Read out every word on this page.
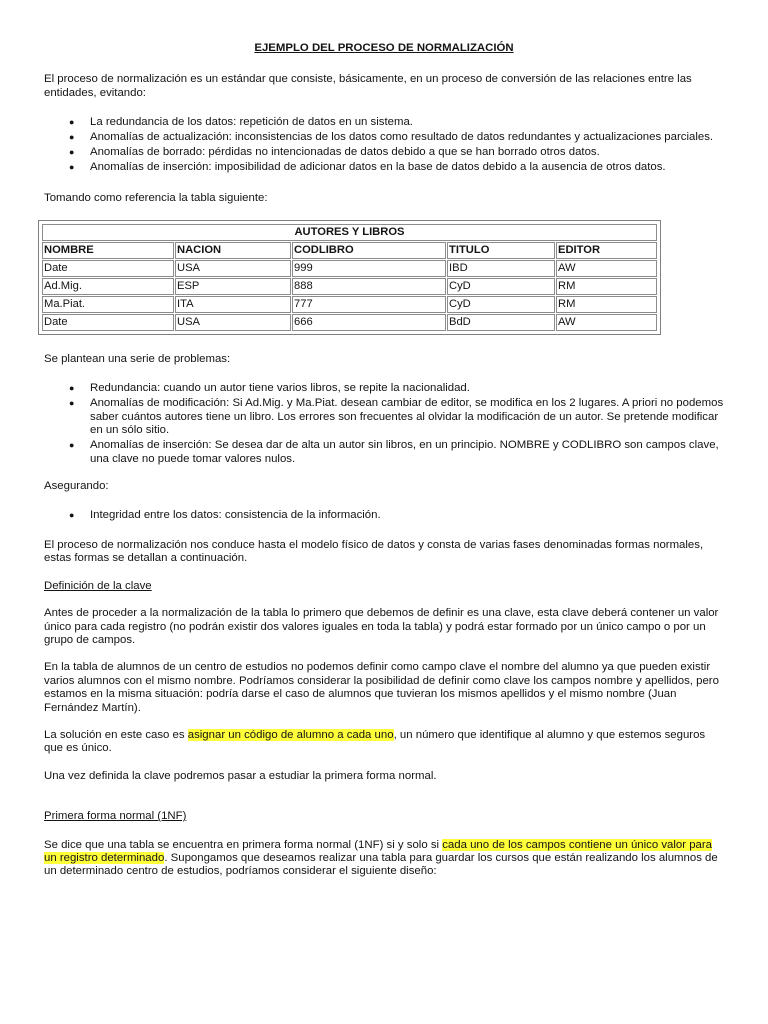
EJEMPLO DEL PROCESO DE NORMALIZACIÓN

El proceso de normalización es un estándar que consiste, básicamente, en un proceso de conversión de las relaciones entre las entidades, evitando:

● La redundancia de los datos: repetición de datos en un sistema.
● Anomalías de actualización: inconsistencias de los datos como resultado de datos redundantes y actualizaciones parciales.
● Anomalías de borrado: pérdidas no intencionadas de datos debido a que se han borrado otros datos.
● Anomalías de inserción: imposibilidad de adicionar datos en la base de datos debido a la ausencia de otros datos.

Tomando como referencia la tabla siguiente:

AUTORES Y LIBROS				
NOMBRE	NACION	CODLIBRO	TITULO	EDITOR
Date	USA	999	IBD	AW
Ad.Mig.	ESP	888	CyD	RM
Ma.Piat.	ITA	777	CyD	RM
Date	USA	666	BdD	AW

Se plantean una serie de problemas:

● Redundancia: cuando un autor tiene varios libros, se repite la nacionalidad.
● Anomalías de modificación: Si Ad.Mig. y Ma.Piat. desean cambiar de editor, se modifica en los 2 lugares. A priori no podemos saber cuántos autores tiene un libro. Los errores son frecuentes al olvidar la modificación de un autor. Se pretende modificar en un sólo sitio.
● Anomalías de inserción: Se desea dar de alta un autor sin libros, en un principio. NOMBRE y CODLIBRO son campos clave, una clave no puede tomar valores nulos.

Asegurando:

● Integridad entre los datos: consistencia de la información.

El proceso de normalización nos conduce hasta el modelo físico de datos y consta de varias fases denominadas formas normales, estas formas se detallan a continuación.

Definición de la clave

Antes de proceder a la normalización de la tabla lo primero que debemos de definir es una clave, esta clave deberá contener un valor único para cada registro (no podrán existir dos valores iguales en toda la tabla) y podrá estar formado por un único campo o por un grupo de campos.

En la tabla de alumnos de un centro de estudios no podemos definir como campo clave el nombre del alumno ya que pueden existir varios alumnos con el mismo nombre. Podríamos considerar la posibilidad de definir como clave los campos nombre y apellidos, pero estamos en la misma situación: podría darse el caso de alumnos que tuvieran los mismos apellidos y el mismo nombre (Juan Fernández Martín).

La solución en este caso es asignar un código de alumno a cada uno, un número que identifique al alumno y que estemos seguros que es único.

Una vez definida la clave podremos pasar a estudiar la primera forma normal.

Primera forma normal (1NF)

Se dice que una tabla se encuentra en primera forma normal (1NF) si y solo si cada uno de los campos contiene un único valor para un registro determinado. Supongamos que deseamos realizar una tabla para guardar los cursos que están realizando los alumnos de un determinado centro de estudios, podríamos considerar el siguiente diseño:
